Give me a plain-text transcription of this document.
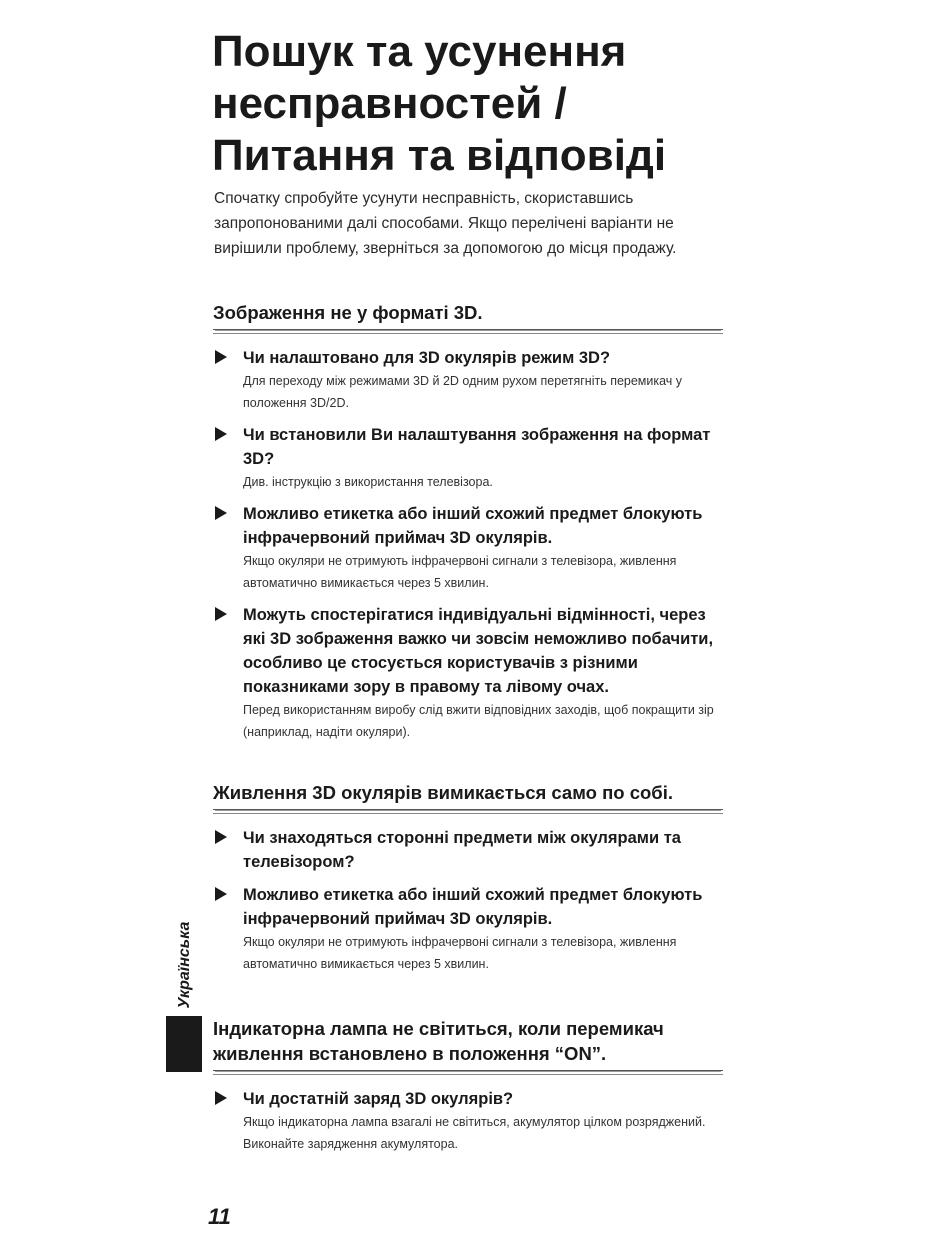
Пошук та усунення несправностей / Питання та відповіді

Спочатку спробуйте усунути несправність, скориставшись запропонованими далі способами. Якщо перелічені варіанти не вирішили проблему, зверніться за допомогою до місця продажу.

Зображення не у форматі 3D.
Чи налаштовано для 3D окулярів режим 3D?
Для переходу між режимами 3D й 2D одним рухом перетягніть перемикач у положення 3D/2D.
Чи встановили Ви налаштування зображення на формат 3D?
Див. інструкцію з використання телевізора.
Можливо етикетка або інший схожий предмет блокують інфрачервоний приймач 3D окулярів.
Якщо окуляри не отримують інфрачервоні сигнали з телевізора, живлення автоматично вимикається через 5 хвилин.
Можуть спостерігатися індивідуальні відмінності, через які 3D зображення важко чи зовсім неможливо побачити, особливо це стосується користувачів з різними показниками зору в правому та лівому очах.
Перед використанням виробу слід вжити відповідних заходів, щоб покращити зір (наприклад, надіти окуляри).
Живлення 3D окулярів вимикається само по собі.
Чи знаходяться сторонні предмети між окулярами та телевізором?
Можливо етикетка або інший схожий предмет блокують інфрачервоний приймач 3D окулярів.
Якщо окуляри не отримують інфрачервоні сигнали з телевізора, живлення автоматично вимикається через 5 хвилин.
Індикаторна лампа не світиться, коли перемикач живлення встановлено в положення “ON”.
Чи достатній заряд 3D окулярів?
Якщо індикаторна лампа взагалі не світиться, акумулятор цілком розряджений. Виконайте зарядження акумулятора.
Українська
11
